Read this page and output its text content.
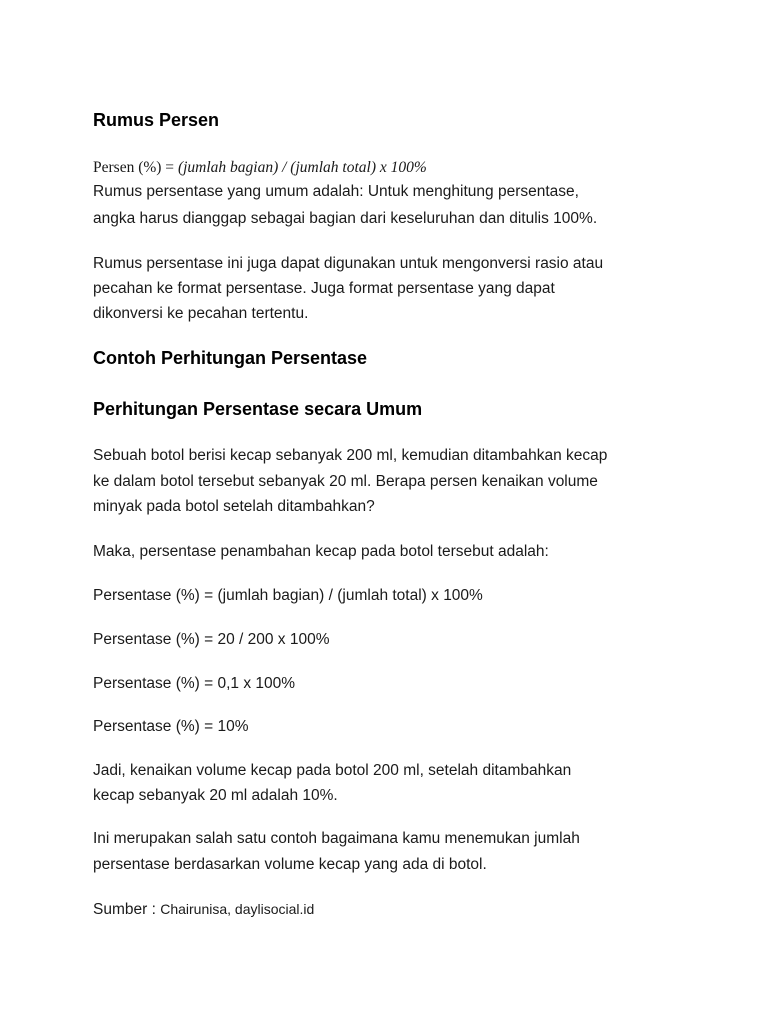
Rumus Persen
Persen (%) = (jumlah bagian) / (jumlah total) x 100%
Rumus persentase yang umum adalah: Untuk menghitung persentase,
angka harus dianggap sebagai bagian dari keseluruhan dan ditulis 100%.
Rumus persentase ini juga dapat digunakan untuk mengonversi rasio atau
pecahan ke format persentase. Juga format persentase yang dapat
dikonversi ke pecahan tertentu.
Contoh Perhitungan Persentase
Perhitungan Persentase secara Umum
Sebuah botol berisi kecap sebanyak 200 ml, kemudian ditambahkan kecap
ke dalam botol tersebut sebanyak 20 ml. Berapa persen kenaikan volume
minyak pada botol setelah ditambahkan?
Maka, persentase penambahan kecap pada botol tersebut adalah:
Persentase (%) = (jumlah bagian) / (jumlah total) x 100%
Persentase (%) = 20 / 200 x 100%
Persentase (%) = 0,1 x 100%
Persentase (%) = 10%
Jadi, kenaikan volume kecap pada botol 200 ml, setelah ditambahkan
kecap sebanyak 20 ml adalah 10%.
Ini merupakan salah satu contoh bagaimana kamu menemukan jumlah
persentase berdasarkan volume kecap yang ada di botol.
Sumber : Chairunisa, daylisocial.id
